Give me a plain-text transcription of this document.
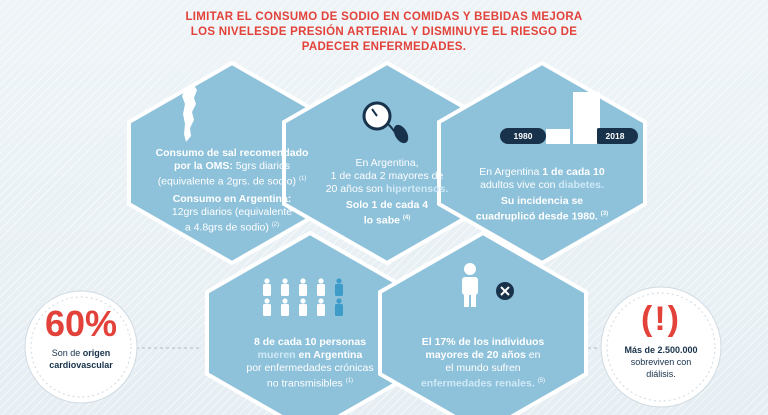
LIMITAR EL CONSUMO DE SODIO EN COMIDAS Y BEBIDAS MEJORA
LOS NIVELESDE PRESIÓN ARTERIAL Y DISMINUYE EL RIESGO DE
PADECER ENFERMEDADES.
1980	2018
Consumo de sal recomendado
por la OMS: 5grs diarios
(equivalente a 2grs. de sodio) $^{(1)}$
Consumo en Argentina:
12grs diarios (equivalente
a 4.8grs de sodio) $^{(2)}$
En Argentina,
1 de cada 2 mayores de
20 años son hipertensos.
Solo 1 de cada 4
lo sabe $^{(4)}$
En Argentina 1 de cada 10
adultos vive con diabetes.
Su incidencia se
cuadruplicó desde 1980. $^{(3)}$
8 de cada 10 personas
mueren en Argentina
por enfermedades crónicas
no transmisibles $^{(1)}$
El 17% de los individuos
mayores de 20 años en
el mundo sufren
enfermedades renales. $^{(5)}$
60%
Son de origen
cardiovascular
(!)
Más de 2.500.000
sobreviven con
diálisis.
